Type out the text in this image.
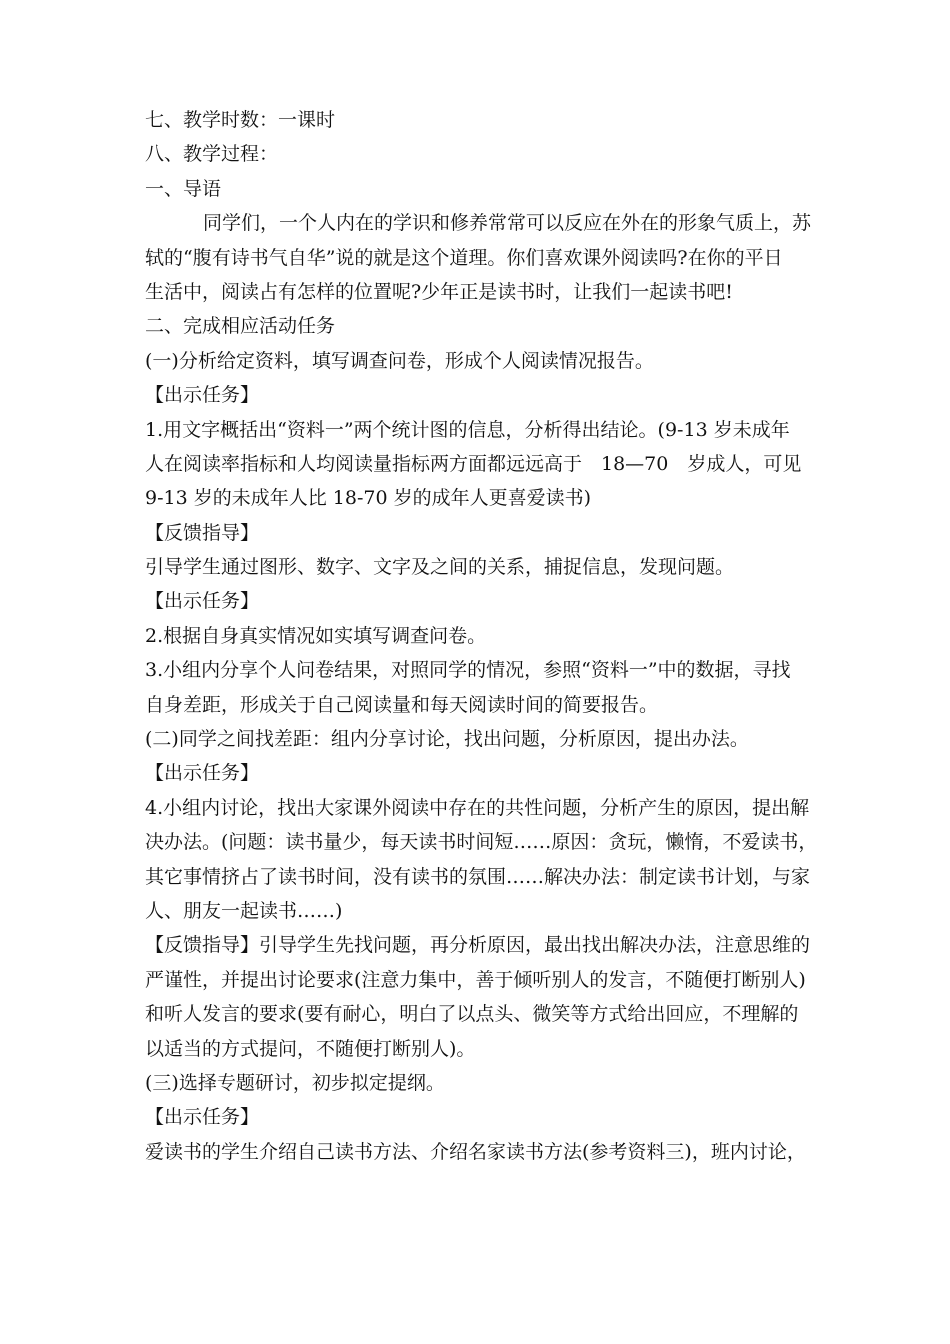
七、教学时数：一课时
八、教学过程：
一、导语
同学们，一个人内在的学识和修养常常可以反应在外在的形象气质上，苏
轼的“腹有诗书气自华”说的就是这个道理。你们喜欢课外阅读吗?在你的平日
生活中，阅读占有怎样的位置呢?少年正是读书时，让我们一起读书吧!
二、完成相应活动任务
(一)分析给定资料，填写调查问卷，形成个人阅读情况报告。
【出示任务】
1.用文字概括出“资料一”两个统计图的信息，分析得出结论。(9-13 岁未成年
人在阅读率指标和人均阅读量指标两方面都远远高于　18—70　岁成人，可见
9-13 岁的未成年人比 18-70 岁的成年人更喜爱读书)
【反馈指导】
引导学生通过图形、数字、文字及之间的关系，捕捉信息，发现问题。
【出示任务】
2.根据自身真实情况如实填写调查问卷。
3.小组内分享个人问卷结果，对照同学的情况，参照“资料一”中的数据，寻找
自身差距，形成关于自己阅读量和每天阅读时间的简要报告。
(二)同学之间找差距：组内分享讨论，找出问题，分析原因，提出办法。
【出示任务】
4.小组内讨论，找出大家课外阅读中存在的共性问题，分析产生的原因，提出解
决办法。(问题：读书量少，每天读书时间短……原因：贪玩，懒惰，不爱读书，
其它事情挤占了读书时间，没有读书的氛围……解决办法：制定读书计划，与家
人、朋友一起读书……)
【反馈指导】引导学生先找问题，再分析原因，最出找出解决办法，注意思维的
严谨性，并提出讨论要求(注意力集中，善于倾听别人的发言，不随便打断别人)
和听人发言的要求(要有耐心，明白了以点头、微笑等方式给出回应，不理解的
以适当的方式提问，不随便打断别人)。
(三)选择专题研讨，初步拟定提纲。
【出示任务】
爱读书的学生介绍自己读书方法、介绍名家读书方法(参考资料三)，班内讨论，
